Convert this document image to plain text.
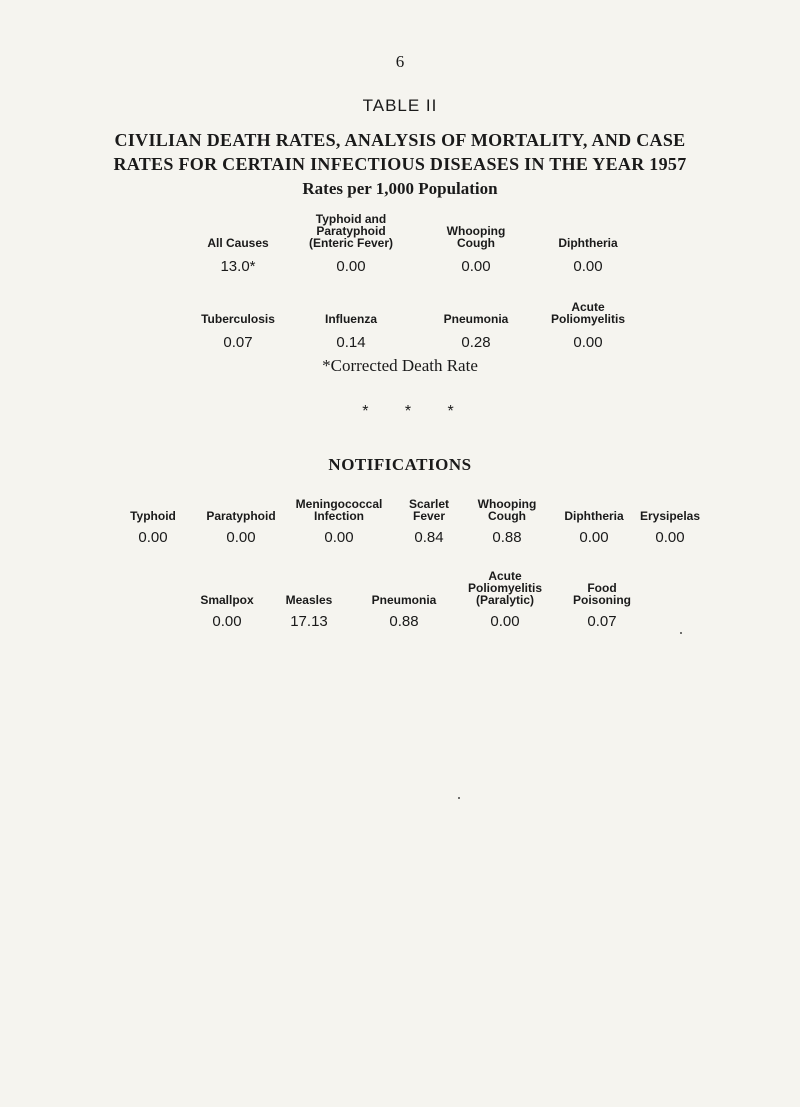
6
TABLE II
CIVILIAN DEATH RATES, ANALYSIS OF MORTALITY, AND CASE
RATES FOR CERTAIN INFECTIOUS DISEASES IN THE YEAR 1957
Rates per 1,000 Population
All Causes
13.0*
Typhoid and
Paratyphoid
(Enteric Fever)
0.00
Whooping
Cough
0.00
Diphtheria
0.00
Tuberculosis
0.07
Influenza
0.14
Pneumonia
0.28
Acute
Poliomyelitis
0.00
*Corrected Death Rate
* * *
NOTIFICATIONS
Typhoid
0.00
Paratyphoid
0.00
Meningococcal
Infection
0.00
Scarlet
Fever
0.84
Whooping
Cough
0.88
Diphtheria
0.00
Erysipelas
0.00
Smallpox
0.00
Measles
17.13
Pneumonia
0.88
Acute
Poliomyelitis
(Paralytic)
0.00
Food
Poisoning
0.07
